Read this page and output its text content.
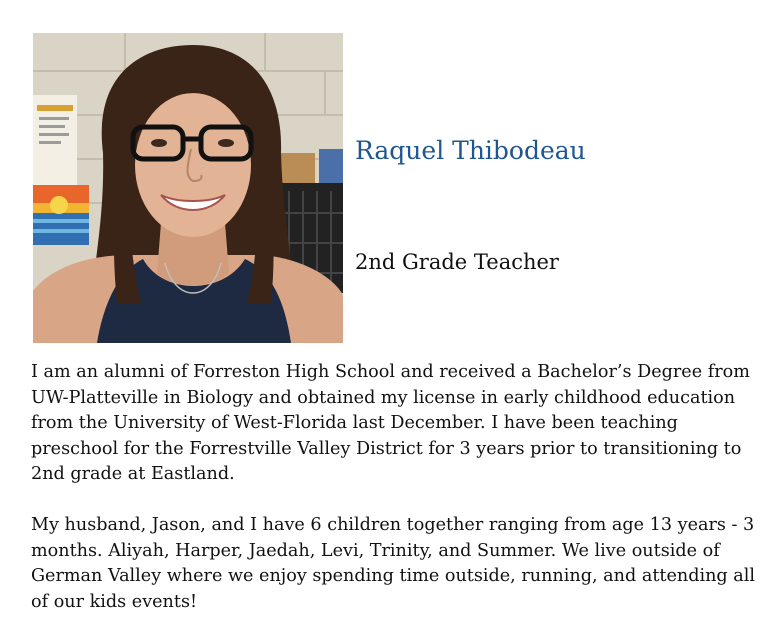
Raquel Thibodeau
2nd Grade Teacher

I am an alumni of Forreston High School and received a Bachelor’s Degree from UW-Platteville in Biology and obtained my license in early childhood education from the University of West-Florida last December. I have been teaching preschool for the Forrestville Valley District for 3 years prior to transitioning to 2nd grade at Eastland.

My husband, Jason, and I have 6 children together ranging from age 13 years - 3 months. Aliyah, Harper, Jaedah, Levi, Trinity, and Summer. We live outside of German Valley where we enjoy spending time outside, running, and attending all of our kids events!
